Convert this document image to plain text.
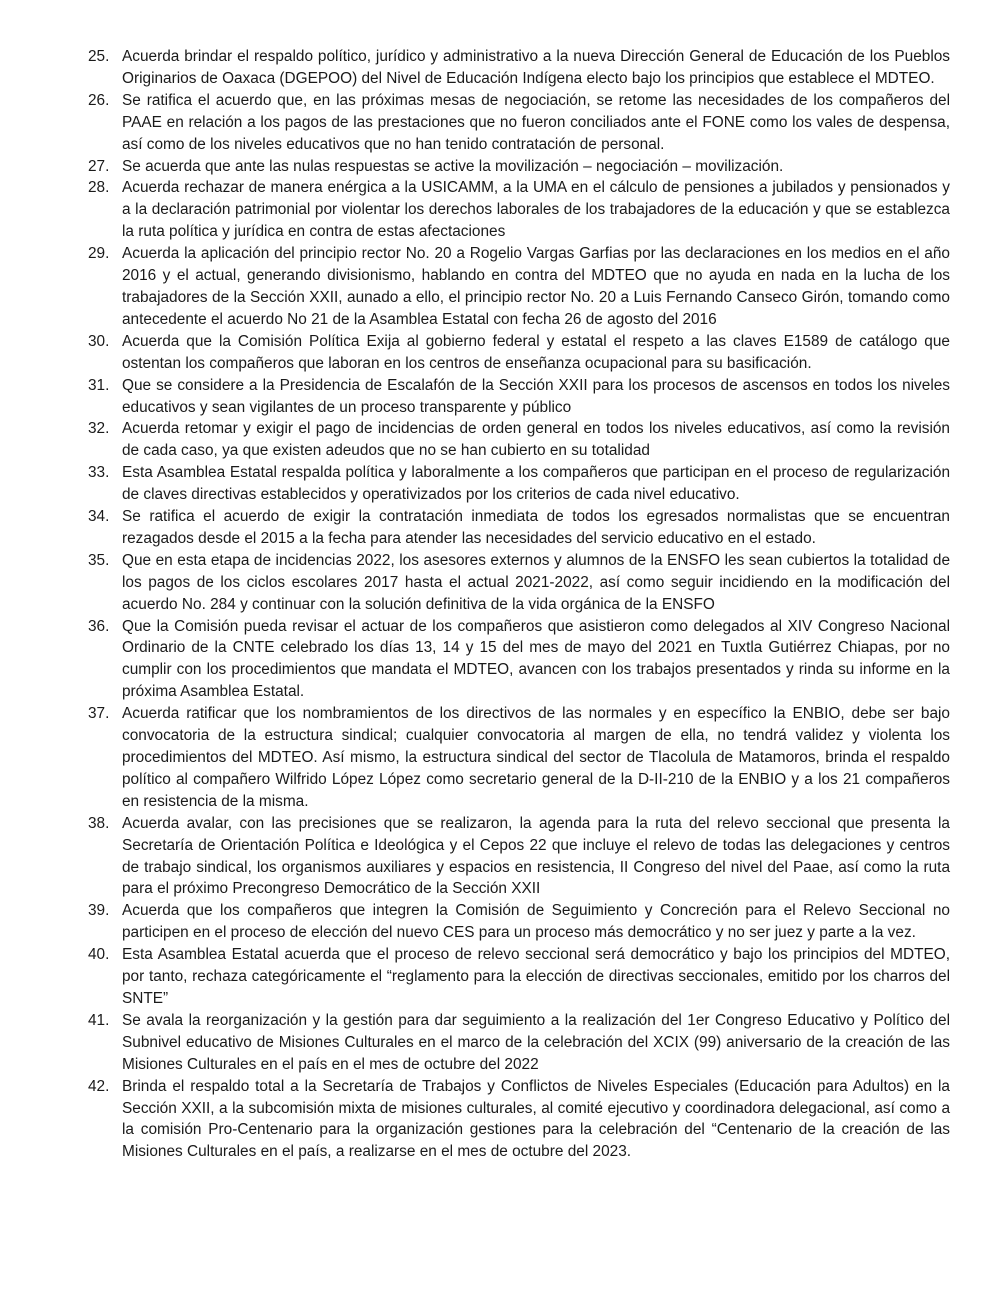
25. Acuerda brindar el respaldo político, jurídico y administrativo a la nueva Dirección General de Educación de los Pueblos Originarios de Oaxaca (DGEPOO) del Nivel de Educación Indígena electo bajo los principios que establece el MDTEO.
26. Se ratifica el acuerdo que, en las próximas mesas de negociación, se retome las necesidades de los compañeros del PAAE en relación a los pagos de las prestaciones que no fueron conciliados ante el FONE como los vales de despensa, así como de los niveles educativos que no han tenido contratación de personal.
27. Se acuerda que ante las nulas respuestas se active la movilización – negociación – movilización.
28. Acuerda rechazar de manera enérgica a la USICAMM, a la UMA en el cálculo de pensiones a jubilados y pensionados y a la declaración patrimonial por violentar los derechos laborales de los trabajadores de la educación y que se establezca la ruta política y jurídica en contra de estas afectaciones
29. Acuerda la aplicación del principio rector No. 20 a Rogelio Vargas Garfias por las declaraciones en los medios en el año 2016 y el actual, generando divisionismo, hablando en contra del MDTEO que no ayuda en nada en la lucha de los trabajadores de la Sección XXII, aunado a ello, el principio rector No. 20 a Luis Fernando Canseco Girón, tomando como antecedente el acuerdo No 21 de la Asamblea Estatal con fecha 26 de agosto del 2016
30. Acuerda que la Comisión Política Exija al gobierno federal y estatal el respeto a las claves E1589 de catálogo que ostentan los compañeros que laboran en los centros de enseñanza ocupacional para su basificación.
31. Que se considere a la Presidencia de Escalafón de la Sección XXII para los procesos de ascensos en todos los niveles educativos y sean vigilantes de un proceso transparente y público
32. Acuerda retomar y exigir el pago de incidencias de orden general en todos los niveles educativos, así como la revisión de cada caso, ya que existen adeudos que no se han cubierto en su totalidad
33. Esta Asamblea Estatal respalda política y laboralmente a los compañeros que participan en el proceso de regularización de claves directivas establecidos y operativizados por los criterios de cada nivel educativo.
34. Se ratifica el acuerdo de exigir la contratación inmediata de todos los egresados normalistas que se encuentran rezagados desde el 2015 a la fecha para atender las necesidades del servicio educativo en el estado.
35. Que en esta etapa de incidencias 2022, los asesores externos y alumnos de la ENSFO les sean cubiertos la totalidad de los pagos de los ciclos escolares 2017 hasta el actual 2021-2022, así como seguir incidiendo en la modificación del acuerdo No. 284 y continuar con la solución definitiva de la vida orgánica de la ENSFO
36. Que la Comisión pueda revisar el actuar de los compañeros que asistieron como delegados al XIV Congreso Nacional Ordinario de la CNTE celebrado los días 13, 14 y 15 del mes de mayo del 2021 en Tuxtla Gutiérrez Chiapas, por no cumplir con los procedimientos que mandata el MDTEO, avancen con los trabajos presentados y rinda su informe en la próxima Asamblea Estatal.
37. Acuerda ratificar que los nombramientos de los directivos de las normales y en específico la ENBIO, debe ser bajo convocatoria de la estructura sindical; cualquier convocatoria al margen de ella, no tendrá validez y violenta los procedimientos del MDTEO. Así mismo, la estructura sindical del sector de Tlacolula de Matamoros, brinda el respaldo político al compañero Wilfrido López López como secretario general de la D-II-210 de la ENBIO y a los 21 compañeros en resistencia de la misma.
38. Acuerda avalar, con las precisiones que se realizaron, la agenda para la ruta del relevo seccional que presenta la Secretaría de Orientación Política e Ideológica y el Cepos 22 que incluye el relevo de todas las delegaciones y centros de trabajo sindical, los organismos auxiliares y espacios en resistencia, II Congreso del nivel del Paae, así como la ruta para el próximo Precongreso Democrático de la Sección XXII
39. Acuerda que los compañeros que integren la Comisión de Seguimiento y Concreción para el Relevo Seccional no participen en el proceso de elección del nuevo CES para un proceso más democrático y no ser juez y parte a la vez.
40. Esta Asamblea Estatal acuerda que el proceso de relevo seccional será democrático y bajo los principios del MDTEO, por tanto, rechaza categóricamente el “reglamento para la elección de directivas seccionales, emitido por los charros del SNTE”
41. Se avala la reorganización y la gestión para dar seguimiento a la realización del 1er Congreso Educativo y Político del Subnivel educativo de Misiones Culturales en el marco de la celebración del XCIX (99) aniversario de la creación de las Misiones Culturales en el país en el mes de octubre del 2022
42. Brinda el respaldo total a la Secretaría de Trabajos y Conflictos de Niveles Especiales (Educación para Adultos) en la Sección XXII, a la subcomisión mixta de misiones culturales, al comité ejecutivo y coordinadora delegacional, así como a la comisión Pro-Centenario para la organización gestiones para la celebración del “Centenario de la creación de las Misiones Culturales en el país, a realizarse en el mes de octubre del 2023.
